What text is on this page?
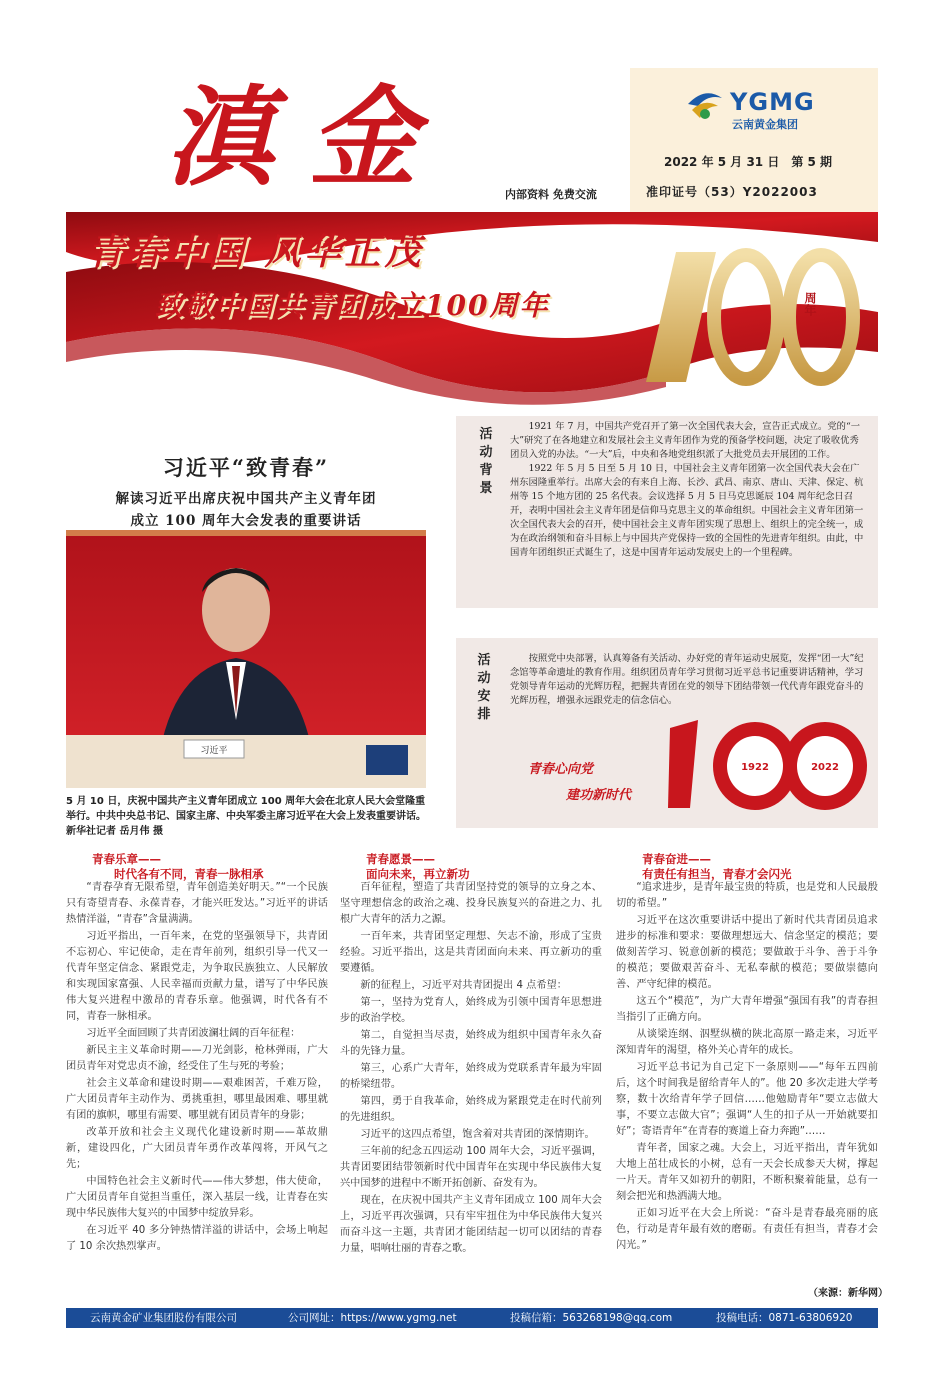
滇金	内部资料 免费交流
YGMG
云南黄金集团
2022 年 5 月 31 日　第 5 期
准印证号（53）Y2022003
青春中国 风华正茂
致敬中国共青团成立100周年	周年
习近平“致青春”
解读习近平出席庆祝中国共产主义青年团
成立 100 周年大会发表的重要讲话
习近平
5 月 10 日，庆祝中国共产主义青年团成立 100 周年大会在北京人民大会堂隆重举行。中共中央总书记、国家主席、中央军委主席习近平在大会上发表重要讲话。新华社记者 岳月伟 摄
活动背景

1921 年 7 月，中国共产党召开了第一次全国代表大会，宣告正式成立。党的“一大”研究了在各地建立和发展社会主义青年团作为党的预备学校问题，决定了吸收优秀团员入党的办法。“一大”后，中央和各地党组织派了大批党员去开展团的工作。

1922 年 5 月 5 日至 5 月 10 日，中国社会主义青年团第一次全国代表大会在广州东园隆重举行。出席大会的有来自上海、长沙、武昌、南京、唐山、天津、保定、杭州等 15 个地方团的 25 名代表。会议选择 5 月 5 日马克思诞辰 104 周年纪念日召开，表明中国社会主义青年团是信仰马克思主义的革命组织。中国社会主义青年团第一次全国代表大会的召开，使中国社会主义青年团实现了思想上、组织上的完全统一，成为在政治纲领和奋斗目标上与中国共产党保持一致的全国性的先进青年组织。由此，中国青年团组织正式诞生了，这是中国青年运动发展史上的一个里程碑。

活动安排

按照党中央部署，认真筹备有关活动、办好党的青年运动史展览，发挥“团一大”纪念馆等革命遗址的教育作用。组织团员青年学习贯彻习近平总书记重要讲话精神，学习党领导青年运动的光辉历程，把握共青团在党的领导下团结带领一代代青年跟党奋斗的光辉历程，增强永远跟党走的信念信心。

青春心向党
建功新时代
1922	2022
青春乐章——
时代各有不同，青春一脉相承
青春愿景——
面向未来，再立新功
青春奋进——
有责任有担当，青春才会闪光

“青春孕育无限希望，青年创造美好明天。”“一个民族只有寄望青春、永葆青春，才能兴旺发达。”习近平的讲话热情洋溢，“青春”含量满满。

习近平指出，一百年来，在党的坚强领导下，共青团不忘初心、牢记使命，走在青年前列，组织引导一代又一代青年坚定信念、紧跟党走，为争取民族独立、人民解放和实现国家富强、人民幸福而贡献力量，谱写了中华民族伟大复兴进程中激昂的青春乐章。他强调，时代各有不同，青春一脉相承。

习近平全面回顾了共青团波澜壮阔的百年征程：

新民主主义革命时期——刀光剑影，枪林弹雨，广大团员青年对党忠贞不渝，经受住了生与死的考验；

社会主义革命和建设时期——艰难困苦，千难万险，广大团员青年主动作为、勇挑重担，哪里最困难、哪里就有团的旗帜，哪里有需要、哪里就有团员青年的身影；

改革开放和社会主义现代化建设新时期——革故鼎新，建设四化，广大团员青年勇作改革闯将，开风气之先；

中国特色社会主义新时代——伟大梦想，伟大使命，广大团员青年自觉担当重任，深入基层一线，让青春在实现中华民族伟大复兴的中国梦中绽放异彩。

在习近平 40 多分钟热情洋溢的讲话中，会场上响起了 10 余次热烈掌声。

百年征程，塑造了共青团坚持党的领导的立身之本、坚守理想信念的政治之魂、投身民族复兴的奋进之力、扎根广大青年的活力之源。

一百年来，共青团坚定理想、矢志不渝，形成了宝贵经验。习近平指出，这是共青团面向未来、再立新功的重要遵循。

新的征程上，习近平对共青团提出 4 点希望：

第一，坚持为党育人，始终成为引领中国青年思想进步的政治学校。

第二，自觉担当尽责，始终成为组织中国青年永久奋斗的先锋力量。

第三，心系广大青年，始终成为党联系青年最为牢固的桥梁纽带。

第四，勇于自我革命，始终成为紧跟党走在时代前列的先进组织。

习近平的这四点希望，饱含着对共青团的深情期许。

三年前的纪念五四运动 100 周年大会，习近平强调，共青团要团结带领新时代中国青年在实现中华民族伟大复兴中国梦的进程中不断开拓创新、奋发有为。

现在，在庆祝中国共产主义青年团成立 100 周年大会上，习近平再次强调，只有牢牢扭住为中华民族伟大复兴而奋斗这一主题，共青团才能团结起一切可以团结的青春力量，唱响壮丽的青春之歌。

“追求进步，是青年最宝贵的特质，也是党和人民最殷切的希望。”

习近平在这次重要讲话中提出了新时代共青团员追求进步的标准和要求：要做理想远大、信念坚定的模范；要做刻苦学习、锐意创新的模范；要做敢于斗争、善于斗争的模范；要做艰苦奋斗、无私奉献的模范；要做崇德向善、严守纪律的模范。

这五个“模范”，为广大青年增强“强国有我”的青春担当指引了正确方向。

从谈梁连纲、泅墅纵横的陕北高原一路走来，习近平深知青年的渴望，格外关心青年的成长。

习近平总书记为自己定下一条原则——“每年五四前后，这个时间我是留给青年人的”。他 20 多次走进大学考察，数十次给青年学子回信……他勉励青年“要立志做大事，不要立志做大官”；强调“人生的扣子从一开始就要扣好”；寄语青年“在青春的赛道上奋力奔跑”……

青年者，国家之魂。大会上，习近平指出，青年犹如大地上茁壮成长的小树，总有一天会长成参天大树，撑起一片天。青年又如初升的朝阳，不断积聚着能量，总有一刻会把光和热洒满大地。

正如习近平在大会上所说：“奋斗是青春最亮丽的底色，行动是青年最有效的磨砺。有责任有担当，青春才会闪光。”

（来源：新华网）
云南黄金矿业集团股份有限公司	公司网址：https://www.ygmg.net	投稿信箱：563268198@qq.com	投稿电话：0871-63806920
